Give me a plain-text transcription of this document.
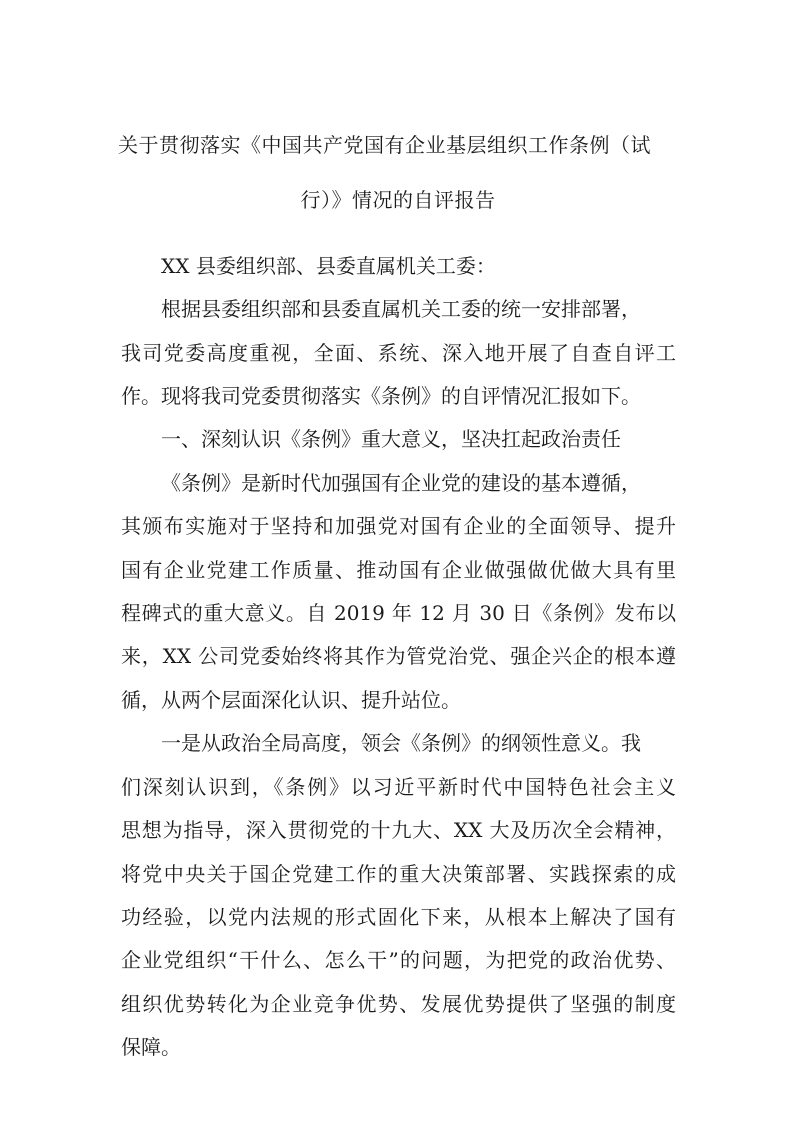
关于贯彻落实《中国共产党国有企业基层组织工作条例（试
行）》情况的自评报告

XX 县委组织部、县委直属机关工委：

根据县委组织部和县委直属机关工委的统一安排部署，

我司党委高度重视，全面、系统、深入地开展了自查自评工

作。现将我司党委贯彻落实《条例》的自评情况汇报如下。

一、深刻认识《条例》重大意义，坚决扛起政治责任

《条例》是新时代加强国有企业党的建设的基本遵循，

其颁布实施对于坚持和加强党对国有企业的全面领导、提升

国有企业党建工作质量、推动国有企业做强做优做大具有里

程碑式的重大意义。自 2019 年 12 月 30 日《条例》发布以

来，XX 公司党委始终将其作为管党治党、强企兴企的根本遵

循，从两个层面深化认识、提升站位。

一是从政治全局高度，领会《条例》的纲领性意义。我

们深刻认识到，《条例》以习近平新时代中国特色社会主义

思想为指导，深入贯彻党的十九大、XX 大及历次全会精神，

将党中央关于国企党建工作的重大决策部署、实践探索的成

功经验，以党内法规的形式固化下来，从根本上解决了国有

企业党组织“干什么、怎么干”的问题，为把党的政治优势、

组织优势转化为企业竞争优势、发展优势提供了坚强的制度

保障。
